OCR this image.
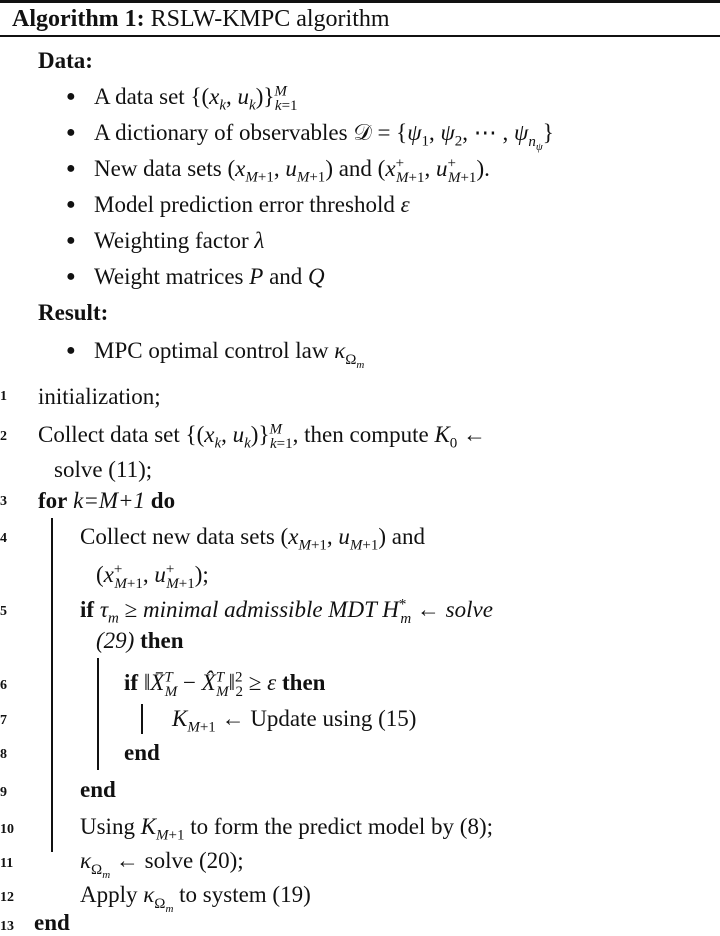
Algorithm 1: RSLW-KMPC algorithm
Data:
● A data set {($x_k$, $u_k)\}^M_{k=1}$
● A dictionary of observables 𝒟 = {$\psi_1$, $\psi_2$, ⋯ , $\psi_{n_\psi}$}
● New data sets ($x_{M+1}$, $u_{M+1}$) and ($x^+_{M+1}$, $u^+_{M+1}$).
● Model prediction error threshold ε
● Weighting factor λ
● Weight matrices P and Q
Result:
● MPC optimal control law $\kappa_{\Omega_m}$
1	initialization;
2	Collect data set {($x_k$, $u_k)\}^M_{k=1}$, then compute $K_0$ ←
solve (11);
3	for k=M+1 do
4	Collect new data sets ($x_{M+1}$, $u_{M+1}$) and
($x^+_{M+1}$, $u^+_{M+1}$);
5	if $\tau_m$ ≥ minimal admissible MDT $H^*_m$ ← solve
(29) then
6	if ‖X̄$^T_M$ − X̂$^T_M$‖$^2_2$ ≥ ε then
7	$K_{M+1}$ ← Update using (15)
8	end
9	end
10	Using $K_{M+1}$ to form the predict model by (8);
11	$\kappa_{\Omega_m}$ ← solve (20);
12	Apply $\kappa_{\Omega_m}$ to system (19)
13 end
